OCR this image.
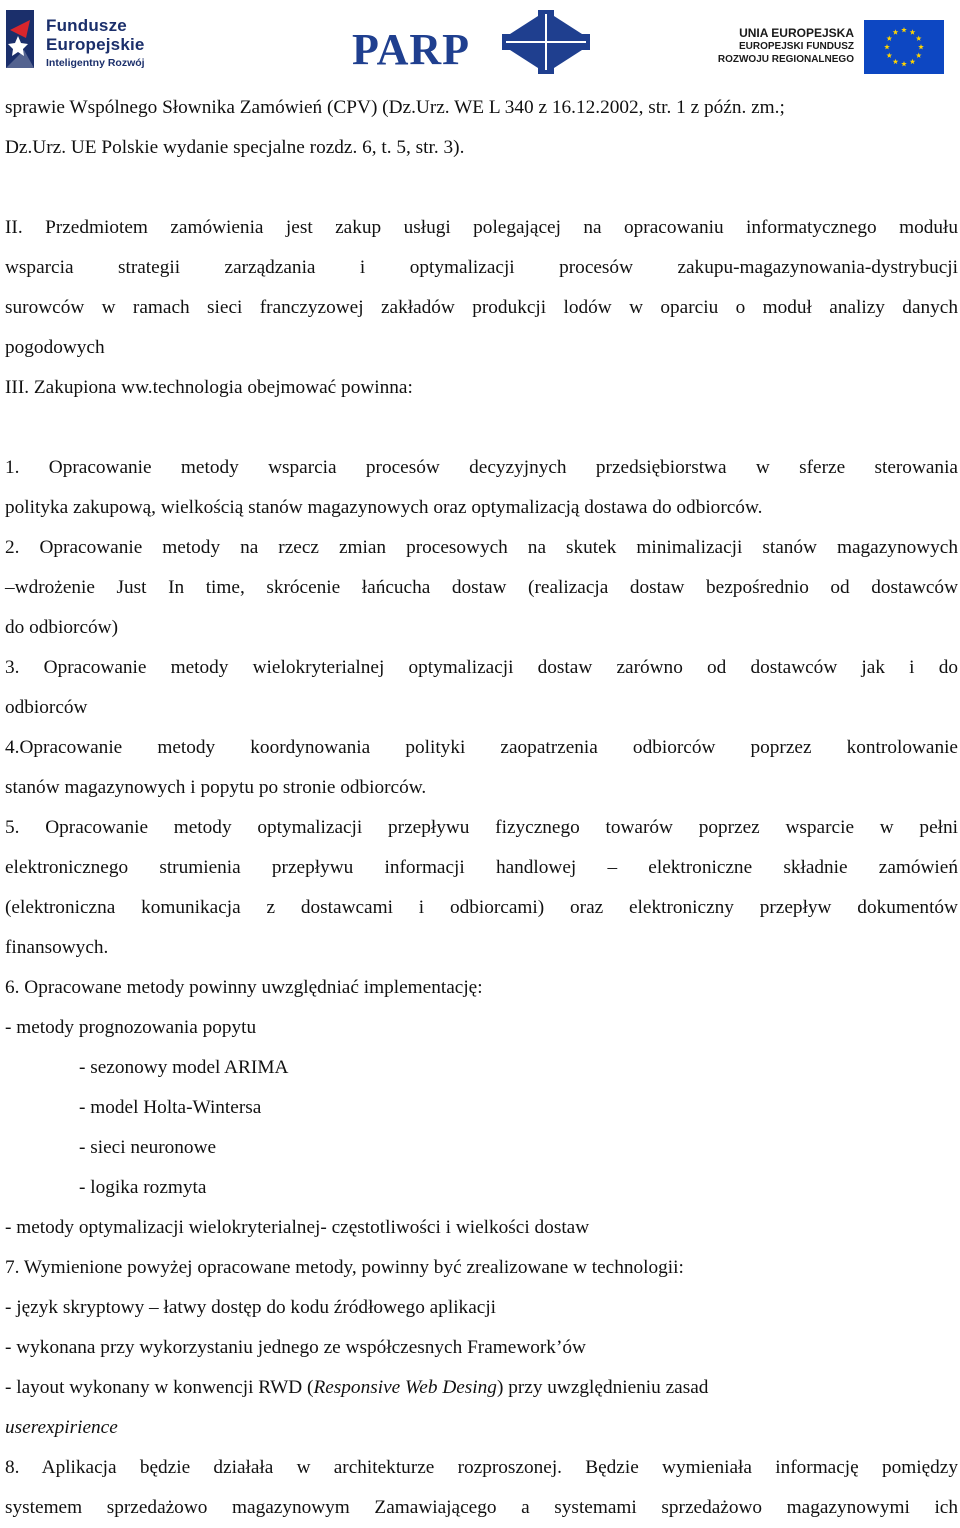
Fundusze
Europejskie
Inteligentny Rozwój	PARP	UNIA EUROPEJSKA
EUROPEJSKI FUNDUSZ
ROZWOJU REGIONALNEGO
sprawie Wspólnego Słownika Zamówień (CPV) (Dz.Urz. WE L 340 z 16.12.2002, str. 1 z późn. zm.;
Dz.Urz. UE Polskie wydanie specjalne rozdz. 6, t. 5, str. 3).
II. Przedmiotem zamówienia jest zakup usługi polegającej na opracowaniu informatycznego modułu
wsparcia strategii zarządzania i optymalizacji procesów zakupu-magazynowania-dystrybucji
surowców w ramach sieci franczyzowej zakładów produkcji lodów w oparciu o moduł analizy danych
pogodowych
III. Zakupiona ww.technologia obejmować powinna:
1. Opracowanie metody wsparcia procesów decyzyjnych przedsiębiorstwa w sferze sterowania
polityka zakupową, wielkością stanów magazynowych oraz optymalizacją dostawa do odbiorców.
2. Opracowanie metody na rzecz zmian procesowych na skutek minimalizacji stanów magazynowych
–wdrożenie Just In time, skrócenie łańcucha dostaw (realizacja dostaw bezpośrednio od dostawców
do odbiorców)
3. Opracowanie metody wielokryterialnej optymalizacji dostaw zarówno od dostawców jak i do
odbiorców
4.Opracowanie metody koordynowania polityki zaopatrzenia odbiorców poprzez kontrolowanie
stanów magazynowych i popytu po stronie odbiorców.
5. Opracowanie metody optymalizacji przepływu fizycznego towarów poprzez wsparcie w pełni
elektronicznego strumienia przepływu informacji handlowej – elektroniczne składnie zamówień
(elektroniczna komunikacja z dostawcami i odbiorcami) oraz elektroniczny przepływ dokumentów
finansowych.
6. Opracowane metody powinny uwzględniać implementację:
- metody prognozowania popytu
- sezonowy model ARIMA
- model Holta-Wintersa
- sieci neuronowe
- logika rozmyta
- metody optymalizacji wielokryterialnej- częstotliwości i wielkości dostaw
7. Wymienione powyżej opracowane metody, powinny być zrealizowane w technologii:
- język skryptowy – łatwy dostęp do kodu źródłowego aplikacji
- wykonana przy wykorzystaniu jednego ze współczesnych Framework’ów
- layout wykonany w konwencji RWD (Responsive Web Desing) przy uwzględnieniu zasad
userexpirience
8. Aplikacja będzie działała w architekturze rozproszonej. Będzie wymieniała informację pomiędzy
systemem sprzedażowo magazynowym Zamawiającego a systemami sprzedażowo magazynowymi ich
